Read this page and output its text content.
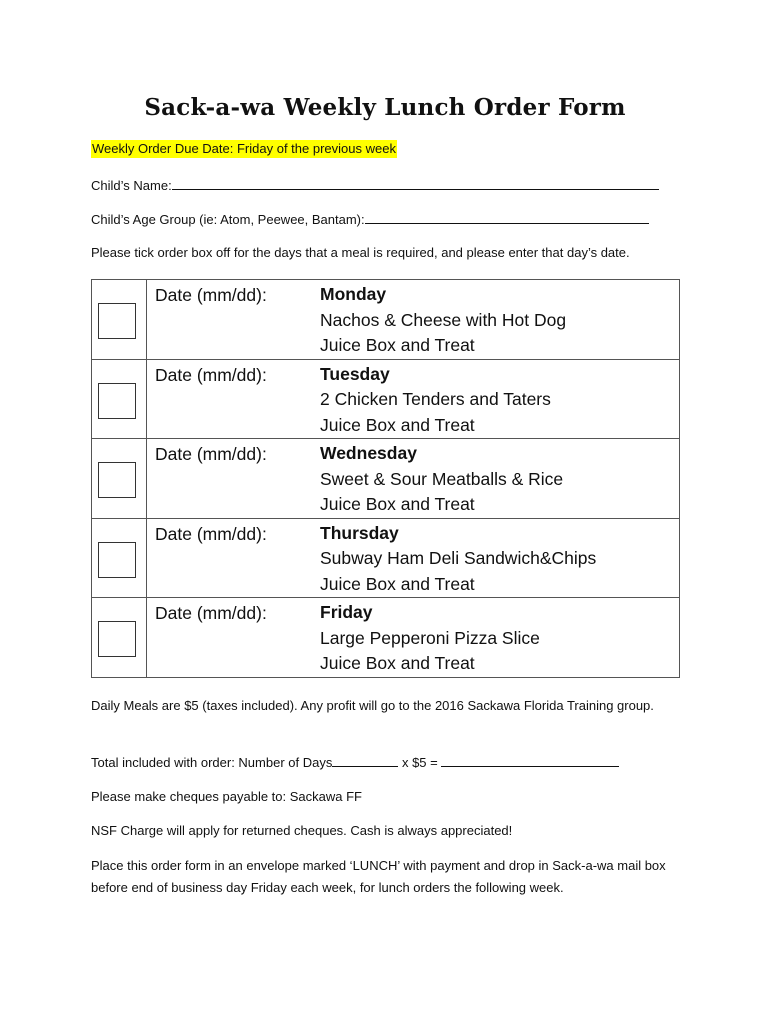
Sack-a-wa Weekly Lunch Order Form
Weekly Order Due Date: Friday of the previous week
Child’s Name:
Child’s Age Group (ie: Atom, Peewee, Bantam):
Please tick order box off for the days that a meal is required, and please enter that day’s date.

	Date (mm/dd):	Monday
Nachos & Cheese with Hot Dog
Juice Box and Treat

	Date (mm/dd):	Tuesday
2 Chicken Tenders and Taters
Juice Box and Treat

	Date (mm/dd):	Wednesday
Sweet & Sour Meatballs & Rice
Juice Box and Treat

	Date (mm/dd):	Thursday
Subway Ham Deli Sandwich&Chips
Juice Box and Treat

	Date (mm/dd):	Friday
Large Pepperoni Pizza Slice
Juice Box and Treat
Daily Meals are $5 (taxes included). Any profit will go to the 2016 Sackawa Florida Training group.
Total included with order: Number of Days	x $5 =
Please make cheques payable to: Sackawa FF
NSF Charge will apply for returned cheques. Cash is always appreciated!
Place this order form in an envelope marked ‘LUNCH’ with payment and drop in Sack-a-wa mail box before end of business day Friday each week, for lunch orders the following week.
